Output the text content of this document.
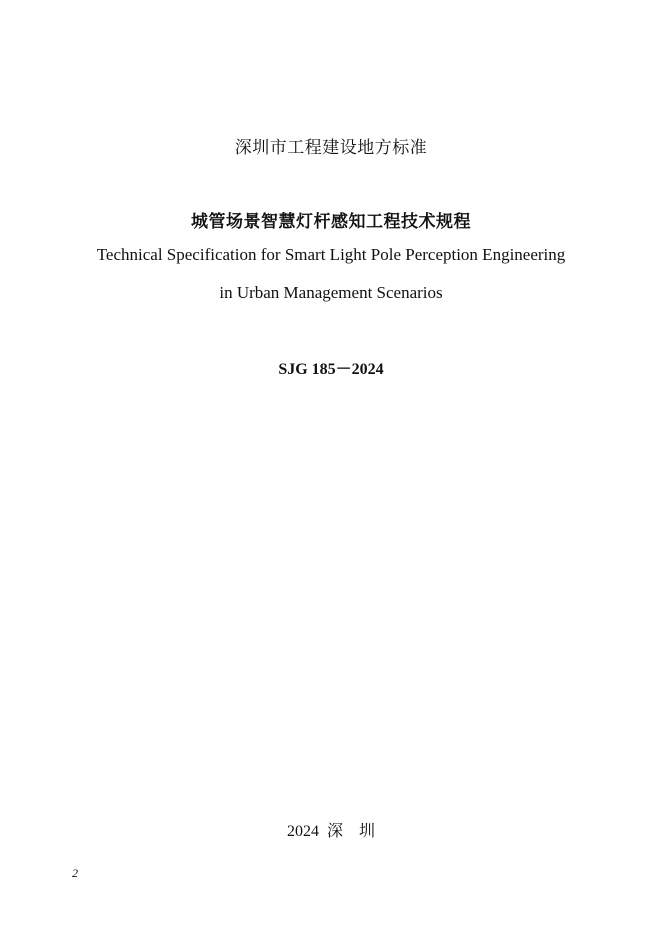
深圳市工程建设地方标准
城管场景智慧灯杆感知工程技术规程
Technical Specification for Smart Light Pole Perception Engineering
in Urban Management Scenarios
SJG 185－2024
2024 深　圳
2
